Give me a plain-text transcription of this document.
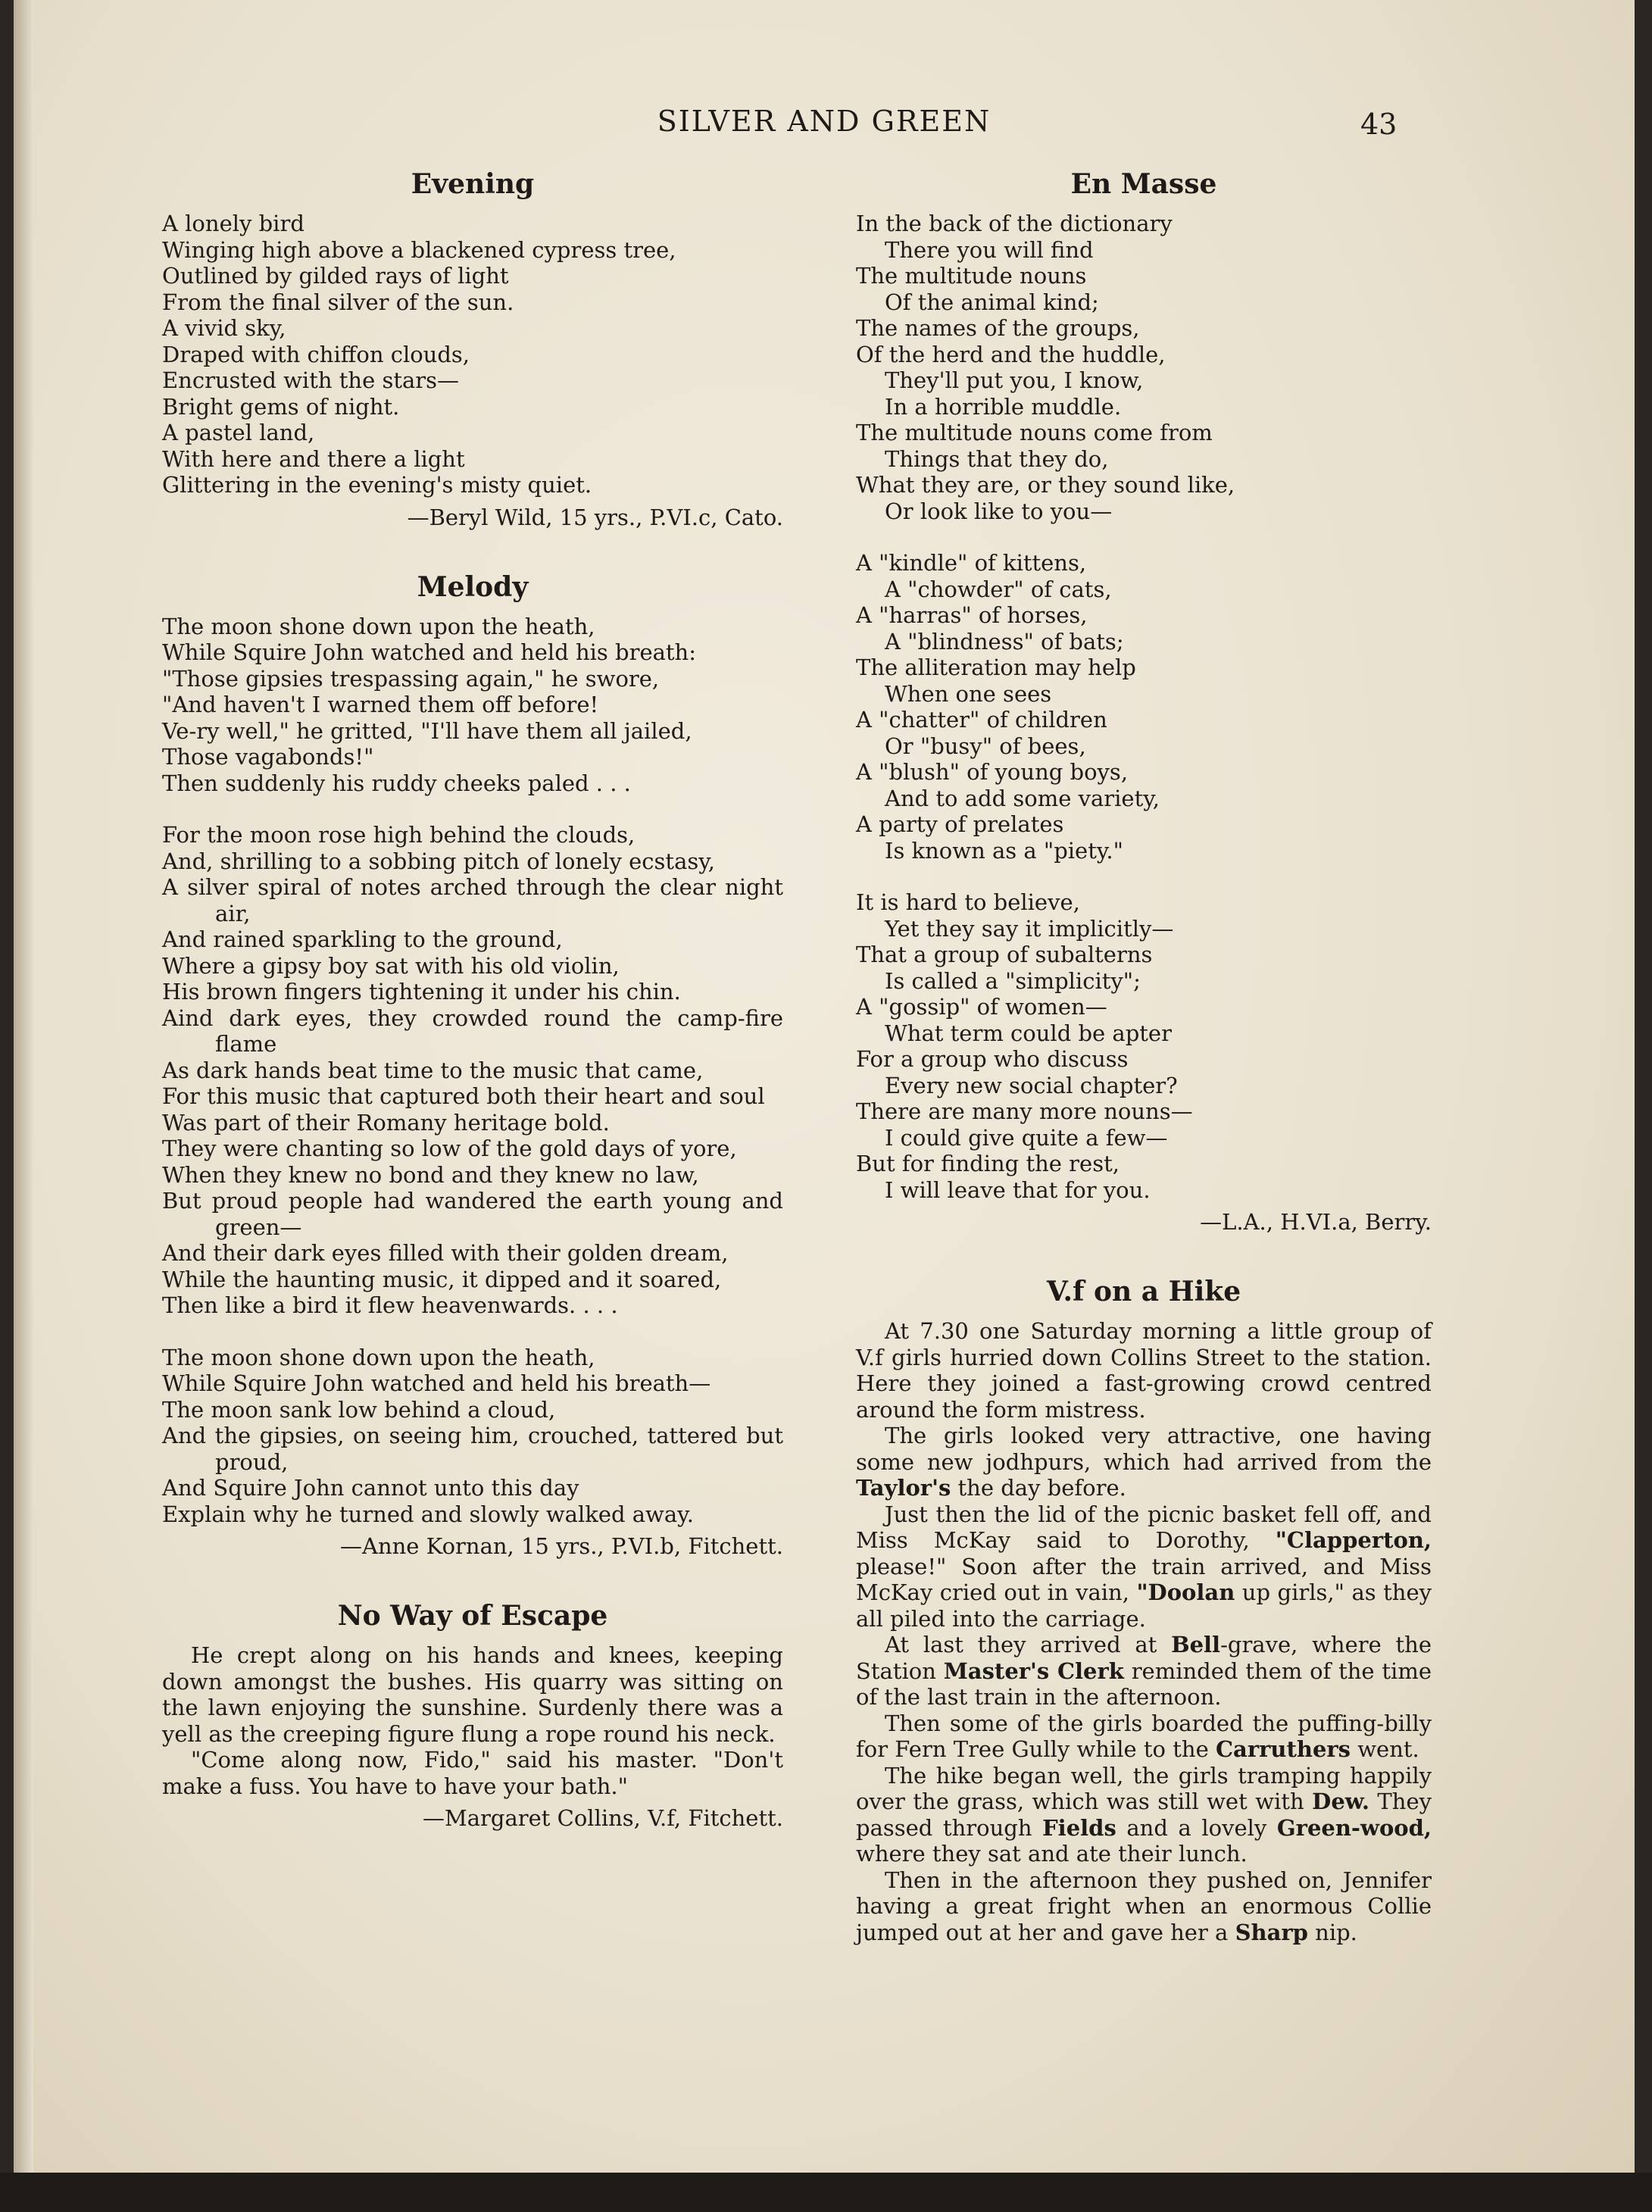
SILVER AND GREEN	43
Evening
A lonely bird
Winging high above a blackened cypress tree,
Outlined by gilded rays of light
From the final silver of the sun.
A vivid sky,
Draped with chiffon clouds,
Encrusted with the stars—
Bright gems of night.
A pastel land,
With here and there a light
Glittering in the evening's misty quiet.
—Beryl Wild, 15 yrs., P.VI.c, Cato.
Melody
The moon shone down upon the heath,
While Squire John watched and held his breath:
"Those gipsies trespassing again," he swore,
"And haven't I warned them off before!
Ve-ry well," he gritted, "I'll have them all jailed,
Those vagabonds!"
Then suddenly his ruddy cheeks paled . . .
For the moon rose high behind the clouds,
And, shrilling to a sobbing pitch of lonely ecstasy,
A silver spiral of notes arched through the clear night air,
And rained sparkling to the ground,
Where a gipsy boy sat with his old violin,
His brown fingers tightening it under his chin.
Aind dark eyes, they crowded round the camp-fire flame
As dark hands beat time to the music that came,
For this music that captured both their heart and soul
Was part of their Romany heritage bold.
They were chanting so low of the gold days of yore,
When they knew no bond and they knew no law,
But proud people had wandered the earth young and green—
And their dark eyes filled with their golden dream,
While the haunting music, it dipped and it soared,
Then like a bird it flew heavenwards. . . .
The moon shone down upon the heath,
While Squire John watched and held his breath—
The moon sank low behind a cloud,
And the gipsies, on seeing him, crouched, tattered but proud,
And Squire John cannot unto this day
Explain why he turned and slowly walked away.
—Anne Kornan, 15 yrs., P.VI.b, Fitchett.
No Way of Escape

He crept along on his hands and knees, keeping down amongst the bushes. His quarry was sitting on the lawn enjoying the sunshine. Surdenly there was a yell as the creeping figure flung a rope round his neck.

"Come along now, Fido," said his master. "Don't make a fuss. You have to have your bath."

—Margaret Collins, V.f, Fitchett.
En Masse
In the back of the dictionary
There you will find
The multitude nouns
Of the animal kind;
The names of the groups,
Of the herd and the huddle,
They'll put you, I know,
In a horrible muddle.
The multitude nouns come from
Things that they do,
What they are, or they sound like,
Or look like to you—
A "kindle" of kittens,
A "chowder" of cats,
A "harras" of horses,
A "blindness" of bats;
The alliteration may help
When one sees
A "chatter" of children
Or "busy" of bees,
A "blush" of young boys,
And to add some variety,
A party of prelates
Is known as a "piety."
It is hard to believe,
Yet they say it implicitly—
That a group of subalterns
Is called a "simplicity";
A "gossip" of women—
What term could be apter
For a group who discuss
Every new social chapter?
There are many more nouns—
I could give quite a few—
But for finding the rest,
I will leave that for you.
—L.A., H.VI.a, Berry.
V.f on a Hike

At 7.30 one Saturday morning a little group of V.f girls hurried down Collins Street to the station. Here they joined a fast-growing crowd centred around the form mistress.

The girls looked very attractive, one having some new jodhpurs, which had arrived from the Taylor's the day before.

Just then the lid of the picnic basket fell off, and Miss McKay said to Dorothy, "Clapperton, please!" Soon after the train arrived, and Miss McKay cried out in vain, "Doolan up girls," as they all piled into the carriage.

At last they arrived at Bell-grave, where the Station Master's Clerk reminded them of the time of the last train in the afternoon.

Then some of the girls boarded the puffing-billy for Fern Tree Gully while to the Carruthers went.

The hike began well, the girls tramping happily over the grass, which was still wet with Dew. They passed through Fields and a lovely Green-wood, where they sat and ate their lunch.

Then in the afternoon they pushed on, Jennifer having a great fright when an enormous Collie jumped out at her and gave her a Sharp nip.
